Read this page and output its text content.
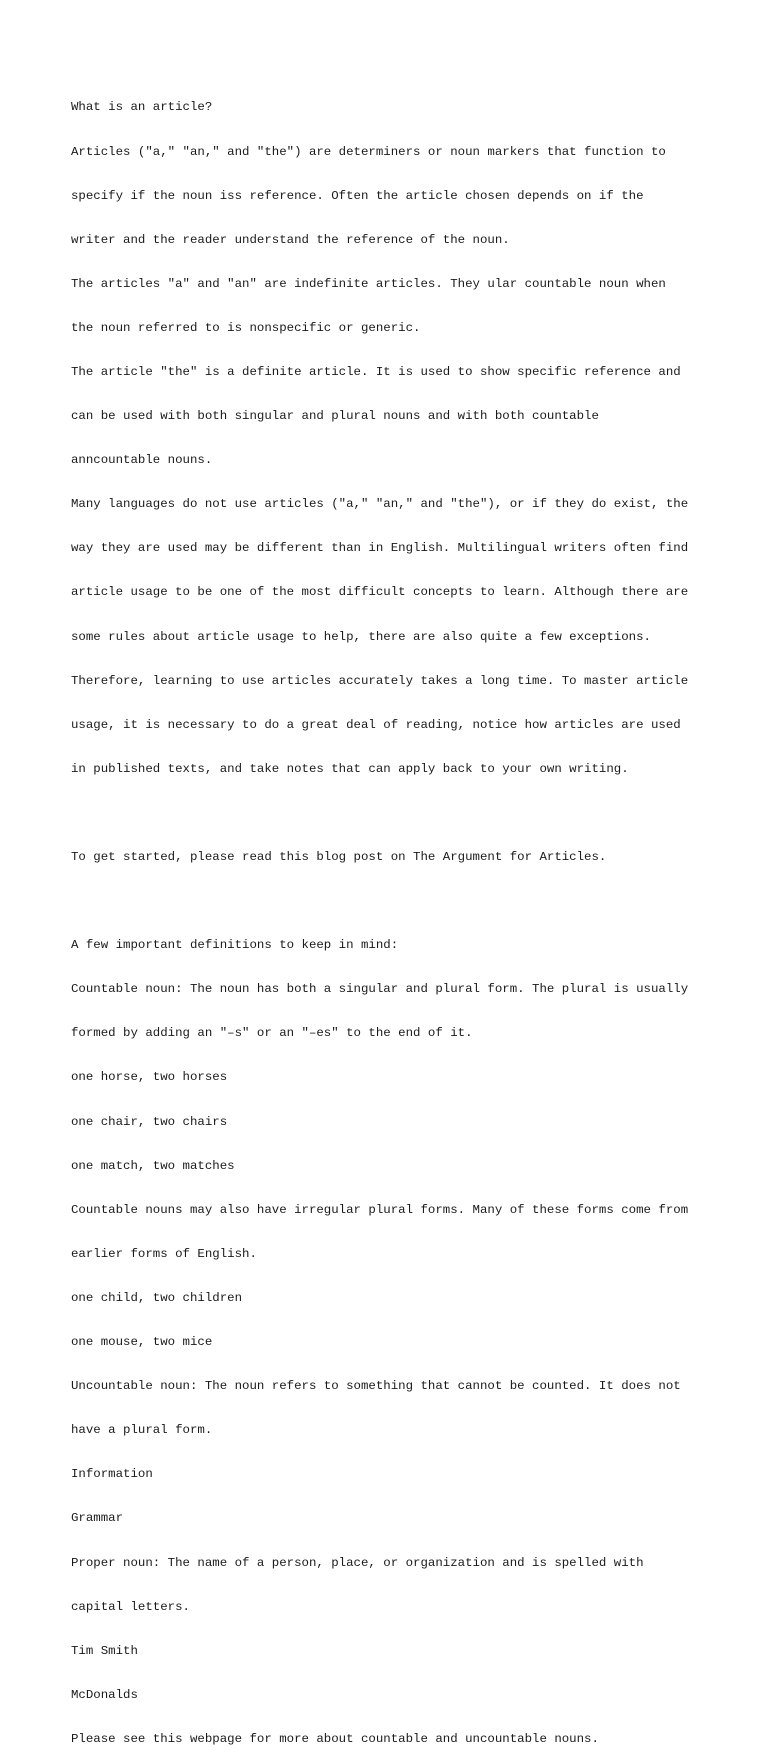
What is an article?

Articles ("a," "an," and "the") are determiners or noun markers that function to

specify if the noun iss reference. Often the article chosen depends on if the

writer and the reader understand the reference of the noun.

The articles "a" and "an" are indefinite articles. They ular countable noun when

the noun referred to is nonspecific or generic.

The article "the" is a definite article. It is used to show specific reference and

can be used with both singular and plural nouns and with both countable

anncountable nouns.

Many languages do not use articles ("a," "an," and "the"), or if they do exist, the

way they are used may be different than in English. Multilingual writers often find

article usage to be one of the most difficult concepts to learn. Although there are

some rules about article usage to help, there are also quite a few exceptions.

Therefore, learning to use articles accurately takes a long time. To master article

usage, it is necessary to do a great deal of reading, notice how articles are used

in published texts, and take notes that can apply back to your own writing.

To get started, please read this blog post on The Argument for Articles.

A few important definitions to keep in mind:

Countable noun: The noun has both a singular and plural form. The plural is usually

formed by adding an "–s" or an "–es" to the end of it.

one horse, two horses

one chair, two chairs

one match, two matches

Countable nouns may also have irregular plural forms. Many of these forms come from

earlier forms of English.

one child, two children

one mouse, two mice

Uncountable noun: The noun refers to something that cannot be counted. It does not

have a plural form.

Information

Grammar

Proper noun: The name of a person, place, or organization and is spelled with

capital letters.

Tim Smith

McDonalds

Please see this webpage for more about countable and uncountable nouns.
